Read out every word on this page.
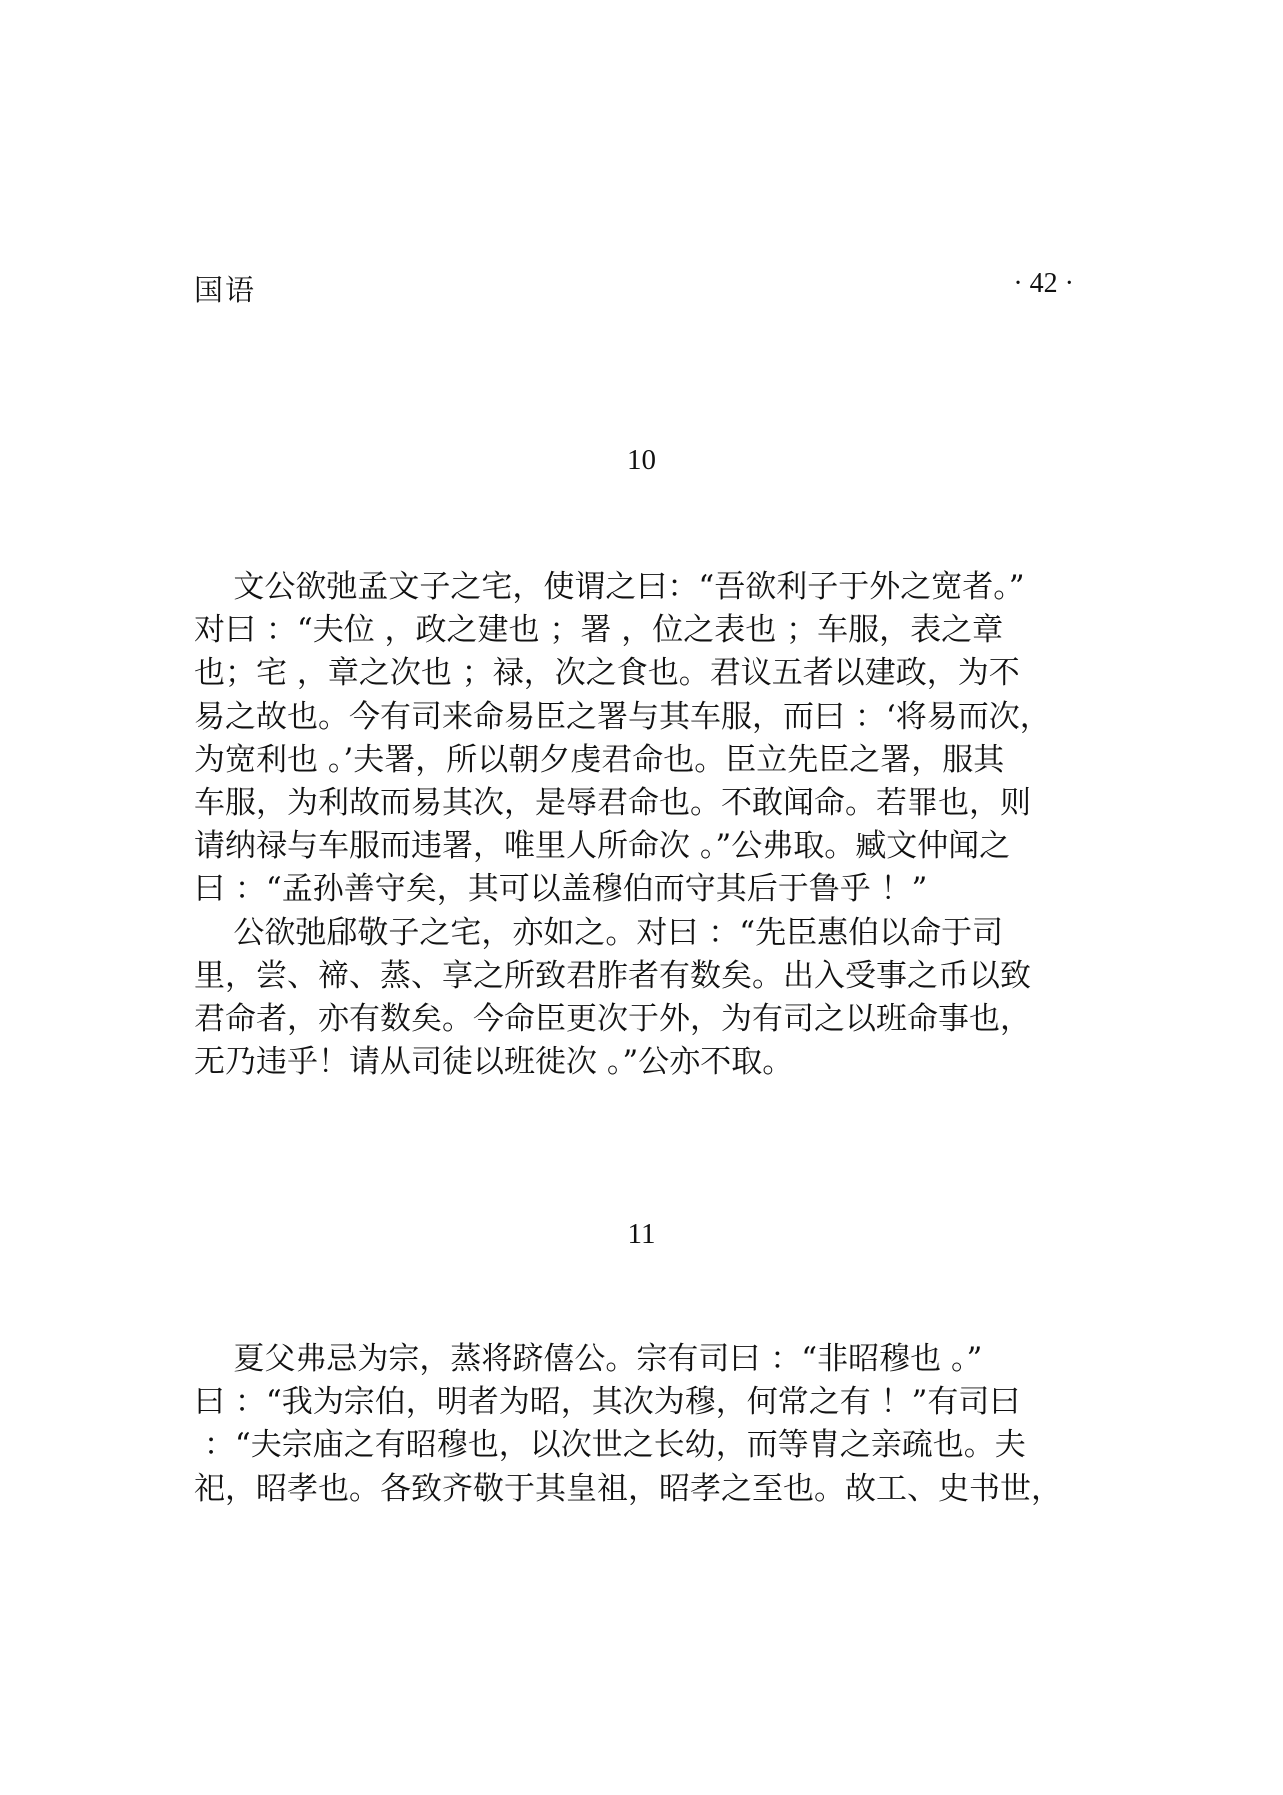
国语	· 42 ·
10
文公欲弛孟文子之宅，使谓之曰：“吾欲利子于外之宽者。”
对曰 ：“夫位 ，政之建也 ；署 ，位之表也 ；车服，表之章
也；宅 ，章之次也 ；禄，次之食也。君议五者以建政，为不
易之故也。今有司来命易臣之署与其车服，而曰 ：‘将易而次，
为宽利也 。’夫署，所以朝夕虔君命也。臣立先臣之署，服其
车服，为利故而易其次，是辱君命也。不敢闻命。若罪也，则
请纳禄与车服而违署，唯里人所命次 。”公弗取。臧文仲闻之
曰 ：“孟孙善守矣，其可以盖穆伯而守其后于鲁乎 ！”
公欲弛郈敬子之宅，亦如之。对曰 ：“先臣惠伯以命于司
里，尝、禘、蒸、享之所致君胙者有数矣。出入受事之币以致
君命者，亦有数矣。今命臣更次于外，为有司之以班命事也，
无乃违乎！请从司徒以班徙次 。”公亦不取。
11
夏父弗忌为宗，蒸将跻僖公。宗有司曰 ：“非昭穆也 。”
曰 ：“我为宗伯，明者为昭，其次为穆，何常之有 ！”有司曰
：“夫宗庙之有昭穆也，以次世之长幼，而等胄之亲疏也。夫
祀，昭孝也。各致齐敬于其皇祖，昭孝之至也。故工、史书世，
